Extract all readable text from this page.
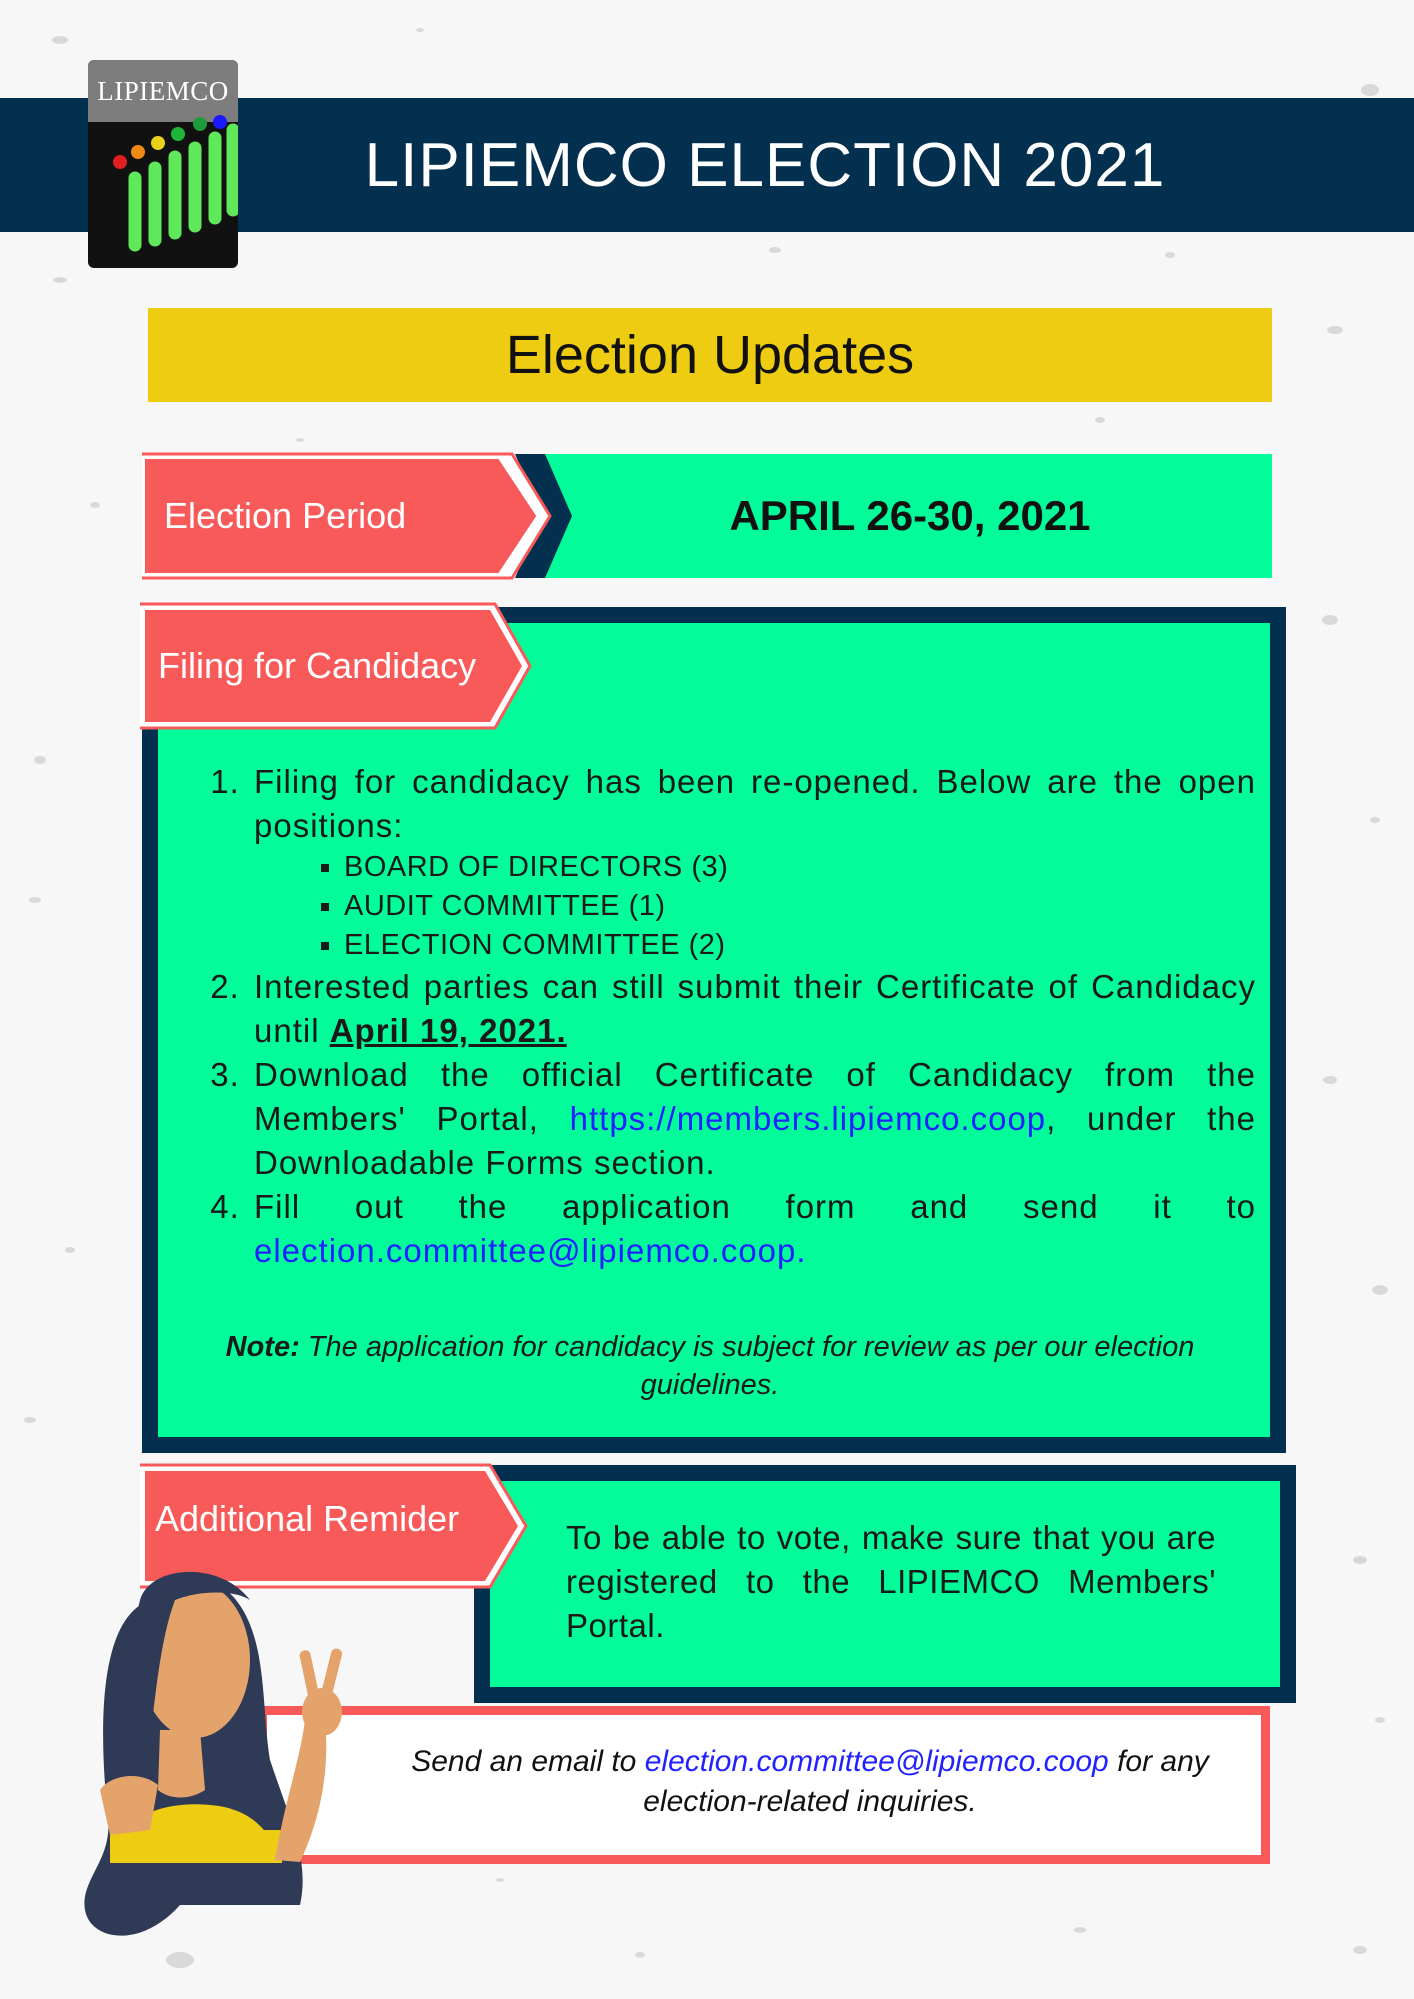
LIPIEMCO ELECTION 2021
LIPIEMCO
Election Updates
APRIL 26-30, 2021
Election Period
Filing for Candidacy
1. Filing for candidacy has been re-opened. Below are the open positions:
▪ BOARD OF DIRECTORS (3)
▪ AUDIT COMMITTEE (1)
▪ ELECTION COMMITTEE (2)
2. Interested parties can still submit their Certificate of Candidacy until April 19, 2021.
3. Download the official Certificate of Candidacy from the Members' Portal, https://members.lipiemco.coop, under the Downloadable Forms section.
4. Fill out the application form and send it to election.committee@lipiemco.coop.
Note: The application for candidacy is subject for review as per our election guidelines.
Additional Remider	To be able to vote, make sure that you are registered to the LIPIEMCO Members' Portal.
Send an email to election.committee@lipiemco.coop for any election-related inquiries.
